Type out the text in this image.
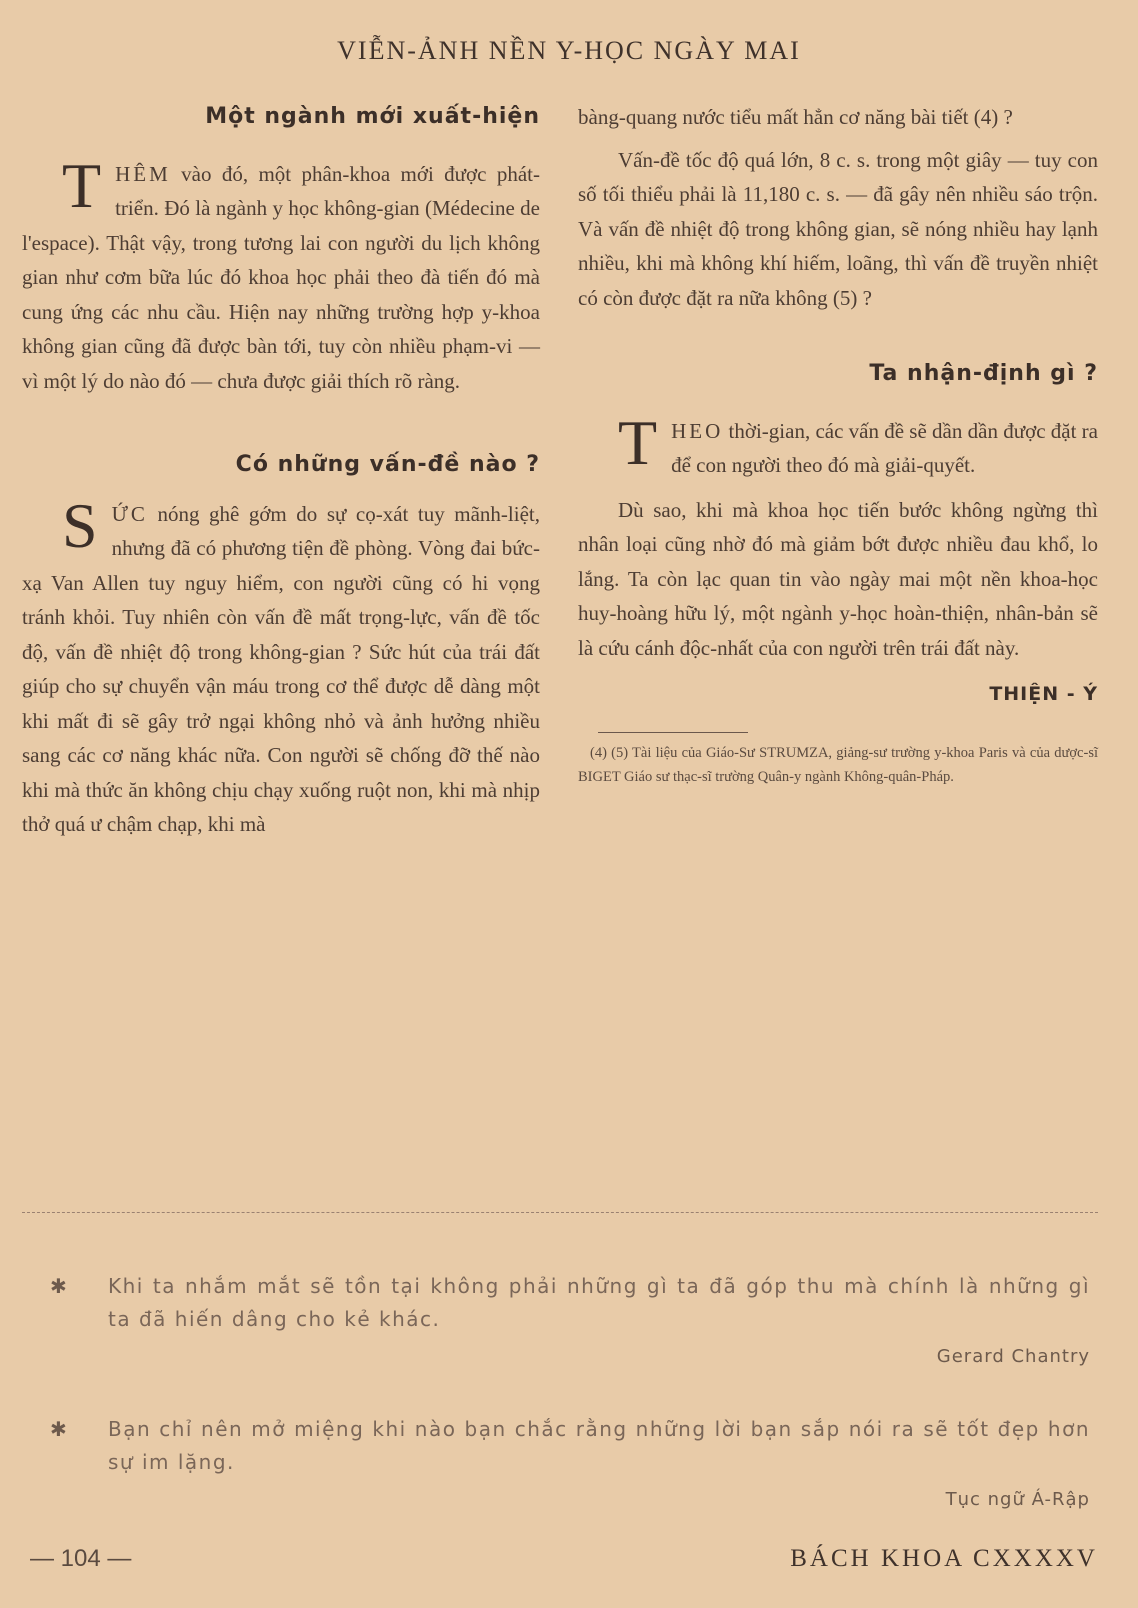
VIỄN-ẢNH NỀN Y-HỌC NGÀY MAI
Một ngành mới xuất-hiện

THÊM vào đó, một phân-khoa mới được phát-triển. Đó là ngành y học không-gian (Médecine de l'espace). Thật vậy, trong tương lai con người du lịch không gian như cơm bữa lúc đó khoa học phải theo đà tiến đó mà cung ứng các nhu cầu. Hiện nay những trường hợp y-khoa không gian cũng đã được bàn tới, tuy còn nhiều phạm-vi — vì một lý do nào đó — chưa được giải thích rõ ràng.

Có những vấn-đề nào ?

SỨC nóng ghê gớm do sự cọ-xát tuy mãnh-liệt, nhưng đã có phương tiện đề phòng. Vòng đai bức-xạ Van Allen tuy nguy hiểm, con người cũng có hi vọng tránh khỏi. Tuy nhiên còn vấn đề mất trọng-lực, vấn đề tốc độ, vấn đề nhiệt độ trong không-gian ? Sức hút của trái đất giúp cho sự chuyển vận máu trong cơ thể được dễ dàng một khi mất đi sẽ gây trở ngại không nhỏ và ảnh hưởng nhiều sang các cơ năng khác nữa. Con người sẽ chống đỡ thế nào khi mà thức ăn không chịu chạy xuống ruột non, khi mà nhịp thở quá ư chậm chạp, khi mà

bàng-quang nước tiểu mất hẳn cơ năng bài tiết (4) ?

Vấn-đề tốc độ quá lớn, 8 c. s. trong một giây — tuy con số tối thiểu phải là 11,180 c. s. — đã gây nên nhiều sáo trộn. Và vấn đề nhiệt độ trong không gian, sẽ nóng nhiều hay lạnh nhiều, khi mà không khí hiếm, loãng, thì vấn đề truyền nhiệt có còn được đặt ra nữa không (5) ?

Ta nhận-định gì ?

THEO thời-gian, các vấn đề sẽ dần dần được đặt ra để con người theo đó mà giải-quyết.

Dù sao, khi mà khoa học tiến bước không ngừng thì nhân loại cũng nhờ đó mà giảm bớt được nhiều đau khổ, lo lắng. Ta còn lạc quan tin vào ngày mai một nền khoa-học huy-hoàng hữu lý, một ngành y-học hoàn-thiện, nhân-bản sẽ là cứu cánh độc-nhất của con người trên trái đất này.

THIỆN - Ý

(4) (5) Tài liệu của Giáo-Sư STRUMZA, giảng-sư trường y-khoa Paris và của dược-sĩ BIGET Giáo sư thạc-sĩ trường Quân-y ngành Không-quân-Pháp.

✱ Khi ta nhắm mắt sẽ tồn tại không phải những gì ta đã góp thu mà chính là những gì ta đã hiến dâng cho kẻ khác.
Gerard Chantry
✱ Bạn chỉ nên mở miệng khi nào bạn chắc rằng những lời bạn sắp nói ra sẽ tốt đẹp hơn sự im lặng.
Tục ngữ Á-Rập
— 104 —	BÁCH KHOA CXXXXV
